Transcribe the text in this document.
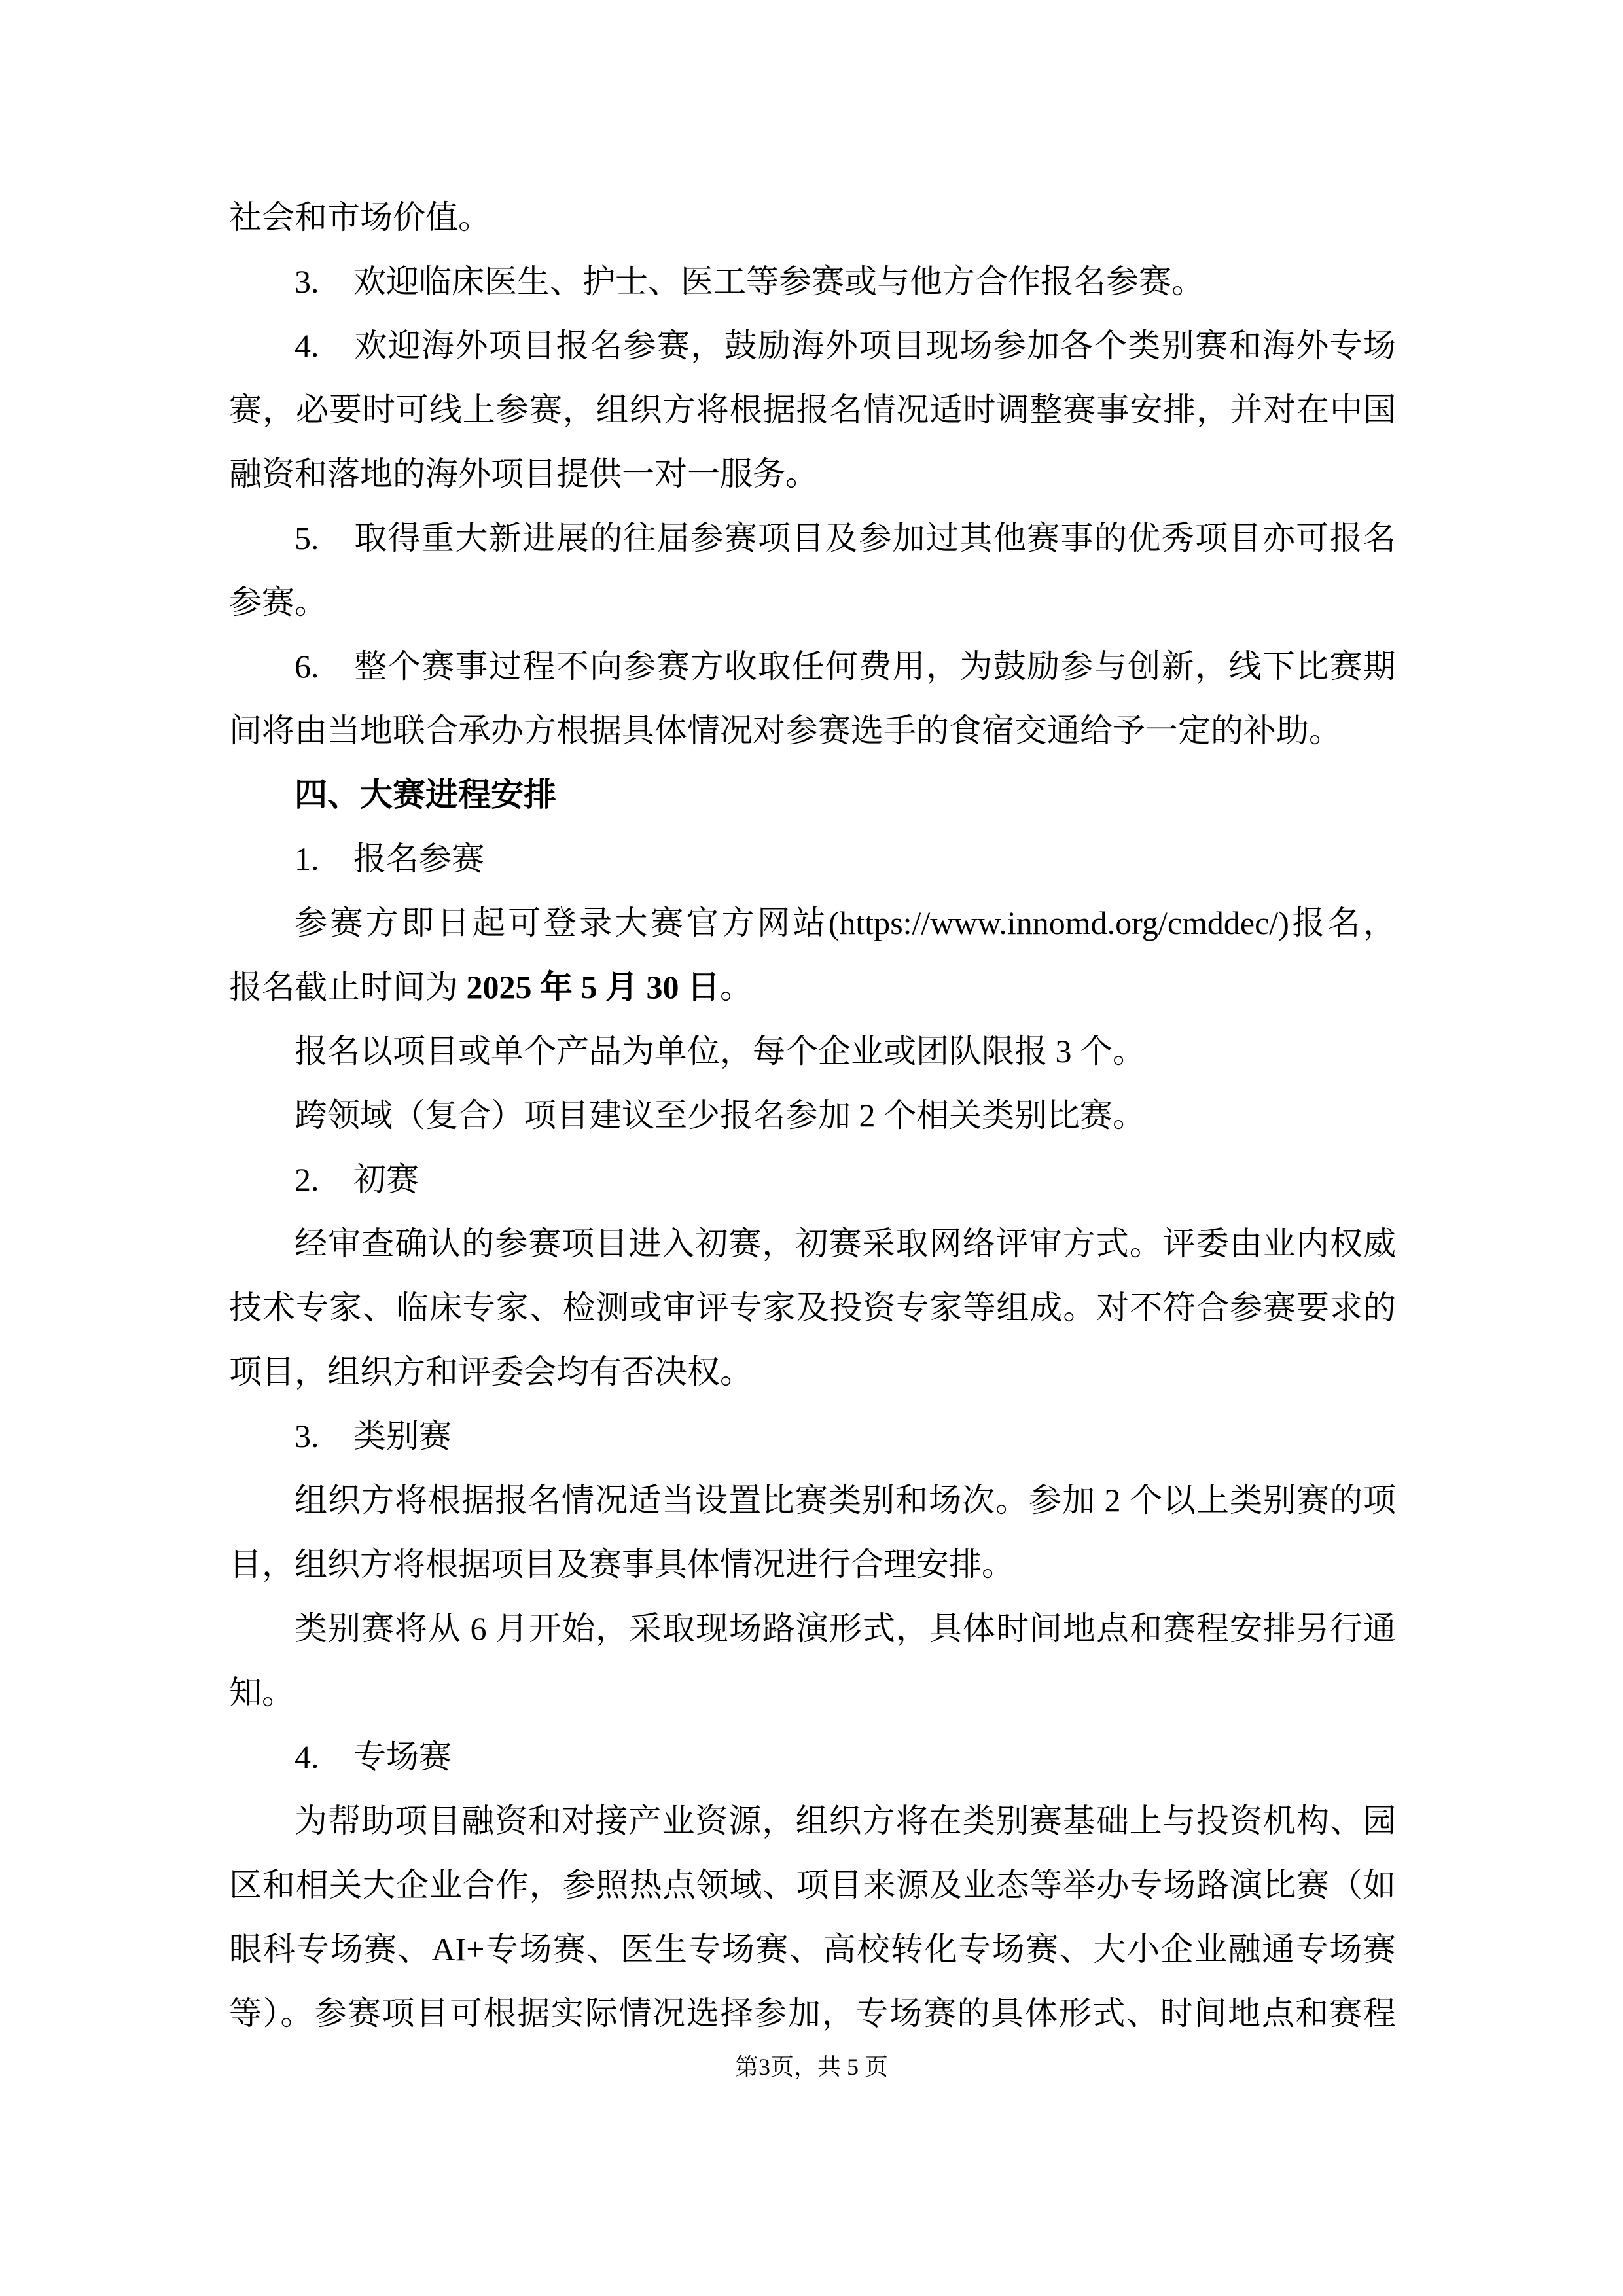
社会和市场价值。

3. 欢迎临床医生、护士、医工等参赛或与他方合作报名参赛。

4. 欢迎海外项目报名参赛，鼓励海外项目现场参加各个类别赛和海外专场

赛，必要时可线上参赛，组织方将根据报名情况适时调整赛事安排，并对在中国

融资和落地的海外项目提供一对一服务。

5. 取得重大新进展的往届参赛项目及参加过其他赛事的优秀项目亦可报名

参赛。

6. 整个赛事过程不向参赛方收取任何费用，为鼓励参与创新，线下比赛期

间将由当地联合承办方根据具体情况对参赛选手的食宿交通给予一定的补助。

四、大赛进程安排

1. 报名参赛

参赛方即日起可登录大赛官方网站(https://www.innomd.org/cmddec/)报名，

报名截止时间为 2025 年 5 月 30 日。

报名以项目或单个产品为单位，每个企业或团队限报 3 个。

跨领域（复合）项目建议至少报名参加 2 个相关类别比赛。

2. 初赛

经审查确认的参赛项目进入初赛，初赛采取网络评审方式。评委由业内权威

技术专家、临床专家、检测或审评专家及投资专家等组成。对不符合参赛要求的

项目，组织方和评委会均有否决权。

3. 类别赛

组织方将根据报名情况适当设置比赛类别和场次。参加 2 个以上类别赛的项

目，组织方将根据项目及赛事具体情况进行合理安排。

类别赛将从 6 月开始，采取现场路演形式，具体时间地点和赛程安排另行通

知。

4. 专场赛

为帮助项目融资和对接产业资源，组织方将在类别赛基础上与投资机构、园

区和相关大企业合作，参照热点领域、项目来源及业态等举办专场路演比赛（如

眼科专场赛、AI+专场赛、医生专场赛、高校转化专场赛、大小企业融通专场赛

等）。参赛项目可根据实际情况选择参加，专场赛的具体形式、时间地点和赛程

第3页，共 5 页
